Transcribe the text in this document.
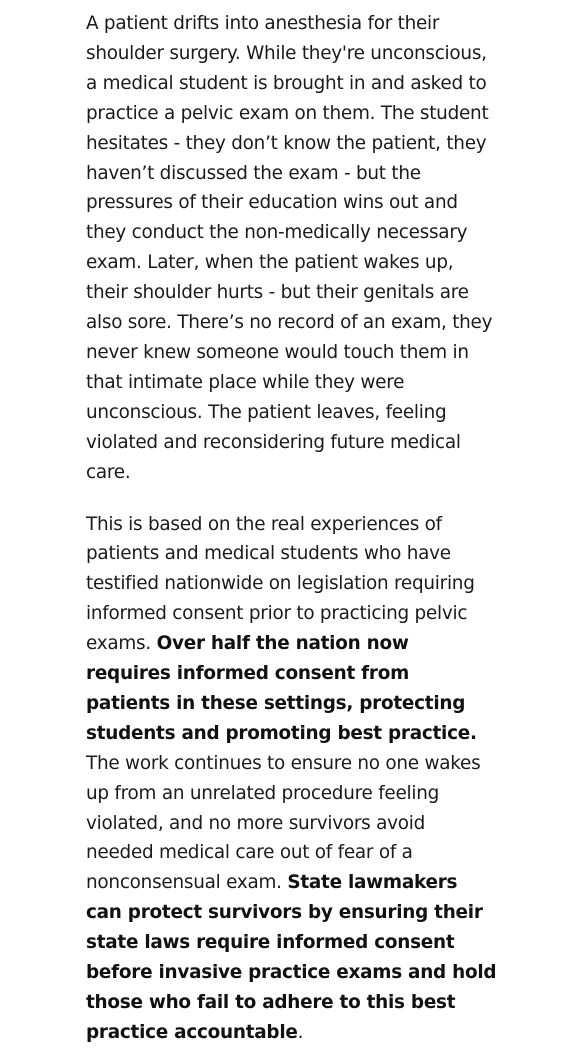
A patient drifts into anesthesia for their shoulder surgery. While they're unconscious, a medical student is brought in and asked to practice a pelvic exam on them. The student hesitates - they don’t know the patient, they haven’t discussed the exam - but the pressures of their education wins out and they conduct the non-medically necessary exam. Later, when the patient wakes up, their shoulder hurts - but their genitals are also sore. There’s no record of an exam, they never knew someone would touch them in that intimate place while they were unconscious. The patient leaves, feeling violated and reconsidering future medical care.

This is based on the real experiences of patients and medical students who have testified nationwide on legislation requiring informed consent prior to practicing pelvic exams. Over half the nation now requires informed consent from patients in these settings, protecting students and promoting best practice. The work continues to ensure no one wakes up from an unrelated procedure feeling violated, and no more survivors avoid needed medical care out of fear of a nonconsensual exam. State lawmakers can protect survivors by ensuring their state laws require informed consent before invasive practice exams and hold those who fail to adhere to this best practice accountable.
